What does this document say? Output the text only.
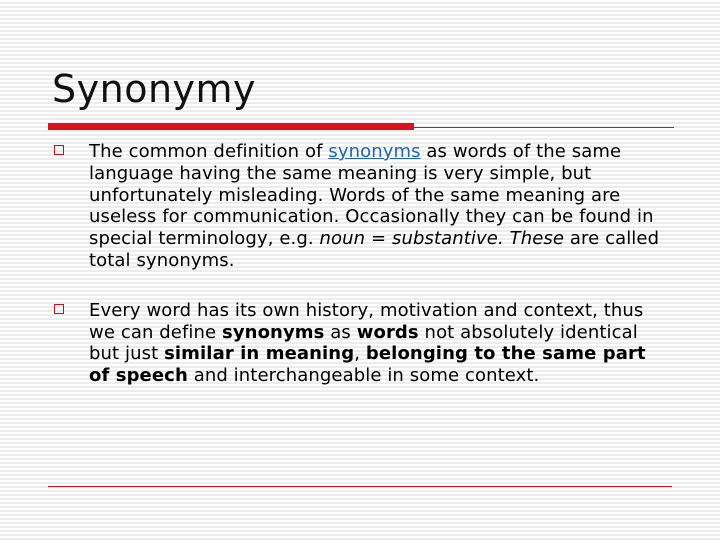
Synonymy
The common definition of synonyms as words of the same language having the same meaning is very simple, but unfortunately misleading. Words of the same meaning are useless for communication. Occasionally they can be found in special terminology, e.g. noun = substantive. These are called total synonyms.
Every word has its own history, motivation and context, thus we can define synonyms as words not absolutely identical but just similar in meaning, belonging to the same part of speech and interchangeable in some context.
